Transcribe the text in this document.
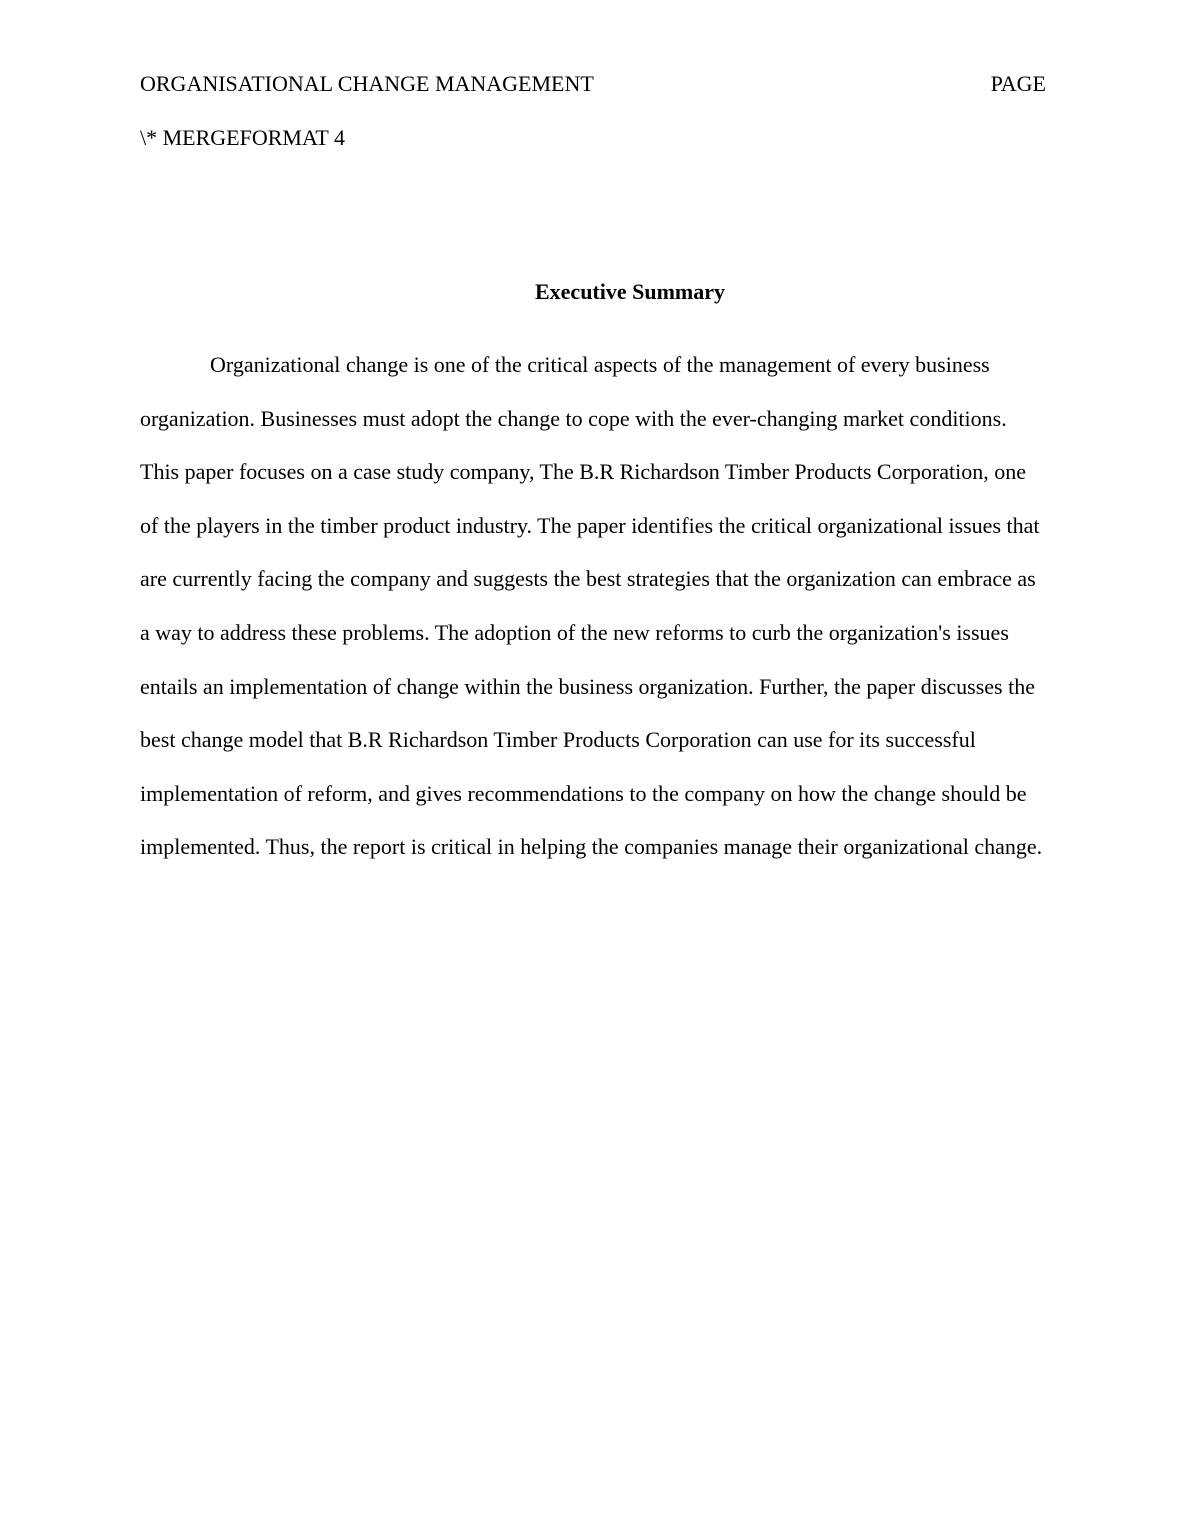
ORGANISATIONAL CHANGE MANAGEMENT	PAGE
\* MERGEFORMAT 4
Executive Summary

Organizational change is one of the critical aspects of the management of every business organization. Businesses must adopt the change to cope with the ever-changing market conditions. This paper focuses on a case study company, The B.R Richardson Timber Products Corporation, one of the players in the timber product industry. The paper identifies the critical organizational issues that are currently facing the company and suggests the best strategies that the organization can embrace as a way to address these problems. The adoption of the new reforms to curb the organization's issues entails an implementation of change within the business organization. Further, the paper discusses the best change model that B.R Richardson Timber Products Corporation can use for its successful implementation of reform, and gives recommendations to the company on how the change should be implemented. Thus, the report is critical in helping the companies manage their organizational change.
